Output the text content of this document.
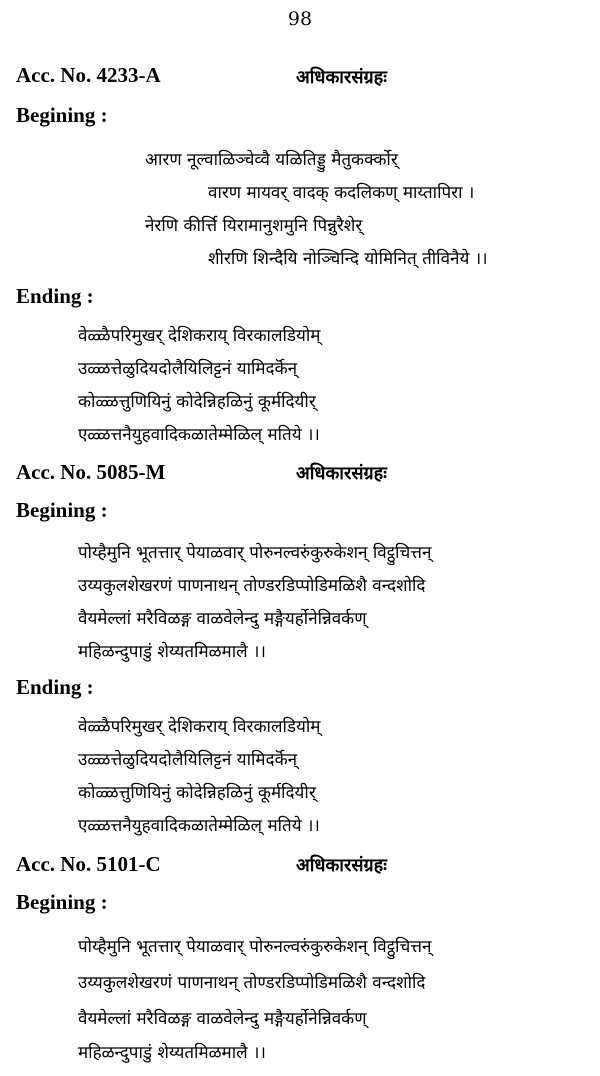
98
Acc. No. 4233-A	अधिकारसंग्रहः
Begining :
आरण नूल्वाळिञ्चेव्वै यळितिड्डु मैतुकर्क्कोर्
वारण मायवर् वादक् कदलिकण् माय्तापिरा ।
नेरणि कीर्त्ति यिरामानुशमुनि पिन्नुरैशेर्
शीरणि शिन्दैयि नोञ्चिन्दि योमिनित् तीविनैये ।।
Ending :
वेळ्ळैपरिमुखर् देशिकराय् विरकालडियोम्
उळ्ळत्तेळुदियदोलैयिलिट्टनं यामिदर्कॆन्
कोळ्ळत्तुणियिनुं कोदेन्निहळिनुं कूर्मदियीर्
एळ्ळत्तनैयुहवादिकळातेम्मेळिल् मतिये ।।
Acc. No. 5085-M	अधिकारसंग्रहः
Begining :
पोय्हैमुनि भूतत्तार् पेयाळवार् पोरुनल्वरुंकुरुकेशन् विट्ठुचित्तन्
उय्यकुलशेखरणं पाणनाथन् तोण्डरडिप्पोडिमळिशै वन्दशोदि
वैयमेल्लां मरैविळङ्ग वाळवेलेन्दु मङ्गैयर्होनेन्निवर्कण्
महिळन्दुपाडुं शेय्यतमिळमालै ।।
Ending :
वेळ्ळैपरिमुखर् देशिकराय् विरकालडियोम्
उळ्ळत्तेळुदियदोलैयिलिट्टनं यामिदर्कॆन्
कोळ्ळत्तुणियिनुं कोदेन्निहळिनुं कूर्मदियीर्
एळ्ळत्तनैयुहवादिकळातेम्मेळिल् मतिये ।।
Acc. No. 5101-C	अधिकारसंग्रहः
Begining :
पोय्हैमुनि भूतत्तार् पेयाळवार् पोरुनल्वरुंकुरुकेशन् विट्ठुचित्तन्
उय्यकुलशेखरणं पाणनाथन् तोण्डरडिप्पोडिमळिशै वन्दशोदि
वैयमेल्लां मरैविळङ्ग वाळवेलेन्दु मङ्गैयर्होनेन्निवर्कण्
महिळन्दुपाडुं शेय्यतमिळमालै ।।
